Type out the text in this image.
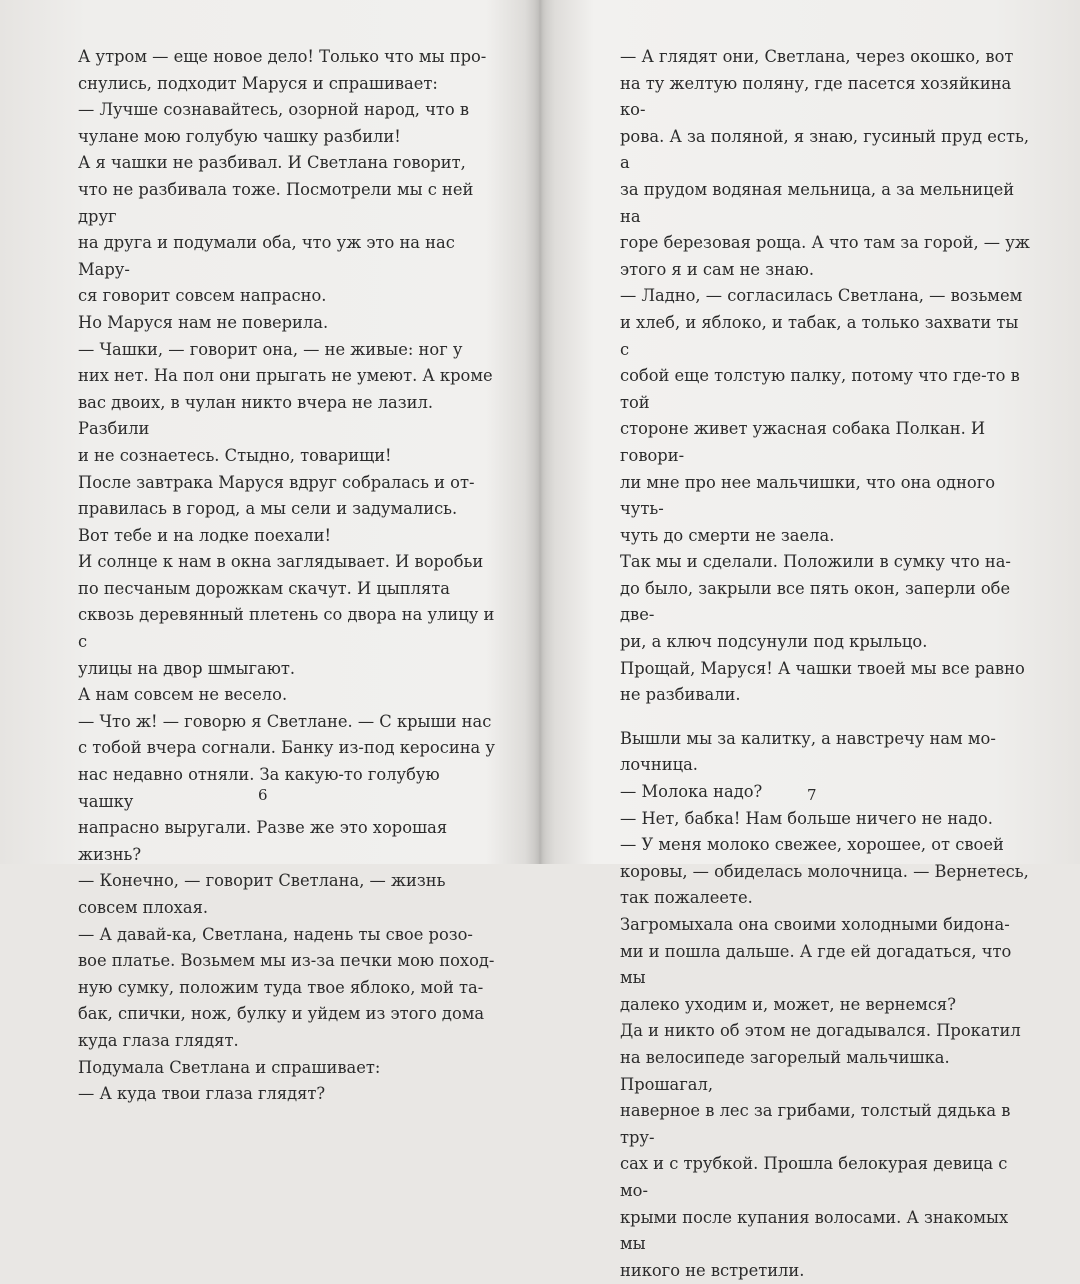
А утром — еще новое дело! Только что мы про-
снулись, подходит Маруся и спрашивает:

— Лучше сознавайтесь, озорной народ, что в
чулане мою голубую чашку разбили!

А я чашки не разбивал. И Светлана говорит,
что не разбивала тоже. Посмотрели мы с ней друг
на друга и подумали оба, что уж это на нас Мару-
ся говорит совсем напрасно.

Но Маруся нам не поверила.

— Чашки, — говорит она, — не живые: ног у
них нет. На пол они прыгать не умеют. А кроме
вас двоих, в чулан никто вчера не лазил. Разбили
и не сознаетесь. Стыдно, товарищи!

После завтрака Маруся вдруг собралась и от-
правилась в город, а мы сели и задумались.

Вот тебе и на лодке поехали!

И солнце к нам в окна заглядывает. И воробьи
по песчаным дорожкам скачут. И цыплята
сквозь деревянный плетень со двора на улицу и с
улицы на двор шмыгают.

А нам совсем не весело.

— Что ж! — говорю я Светлане. — С крыши нас
с тобой вчера согнали. Банку из-под керосина у
нас недавно отняли. За какую-то голубую чашку
напрасно выругали. Разве же это хорошая жизнь?

— Конечно, — говорит Светлана, — жизнь
совсем плохая.

— А давай-ка, Светлана, надень ты свое розо-
вое платье. Возьмем мы из-за печки мою поход-
ную сумку, положим туда твое яблоко, мой та-
бак, спички, нож, булку и уйдем из этого дома
куда глаза глядят.

Подумала Светлана и спрашивает:

— А куда твои глаза глядят?

6

— А глядят они, Светлана, через окошко, вот
на ту желтую поляну, где пасется хозяйкина ко-
рова. А за поляной, я знаю, гусиный пруд есть, а
за прудом водяная мельница, а за мельницей на
горе березовая роща. А что там за горой, — уж
этого я и сам не знаю.

— Ладно, — согласилась Светлана, — возьмем
и хлеб, и яблоко, и табак, а только захвати ты с
собой еще толстую палку, потому что где-то в той
стороне живет ужасная собака Полкан. И говори-
ли мне про нее мальчишки, что она одного чуть-
чуть до смерти не заела.

Так мы и сделали. Положили в сумку что на-
до было, закрыли все пять окон, заперли обе две-
ри, а ключ подсунули под крыльцо.

Прощай, Маруся! А чашки твоей мы все равно
не разбивали.

Вышли мы за калитку, а навстречу нам мо-
лочница.

— Молока надо?

— Нет, бабка! Нам больше ничего не надо.

— У меня молоко свежее, хорошее, от своей
коровы, — обиделась молочница. — Вернетесь,
так пожалеете.

Загромыхала она своими холодными бидона-
ми и пошла дальше. А где ей догадаться, что мы
далеко уходим и, может, не вернемся?

Да и никто об этом не догадывался. Прокатил
на велосипеде загорелый мальчишка. Прошагал,
наверное в лес за грибами, толстый дядька в тру-
сах и с трубкой. Прошла белокурая девица с мо-
крыми после купания волосами. А знакомых мы
никого не встретили.

7
